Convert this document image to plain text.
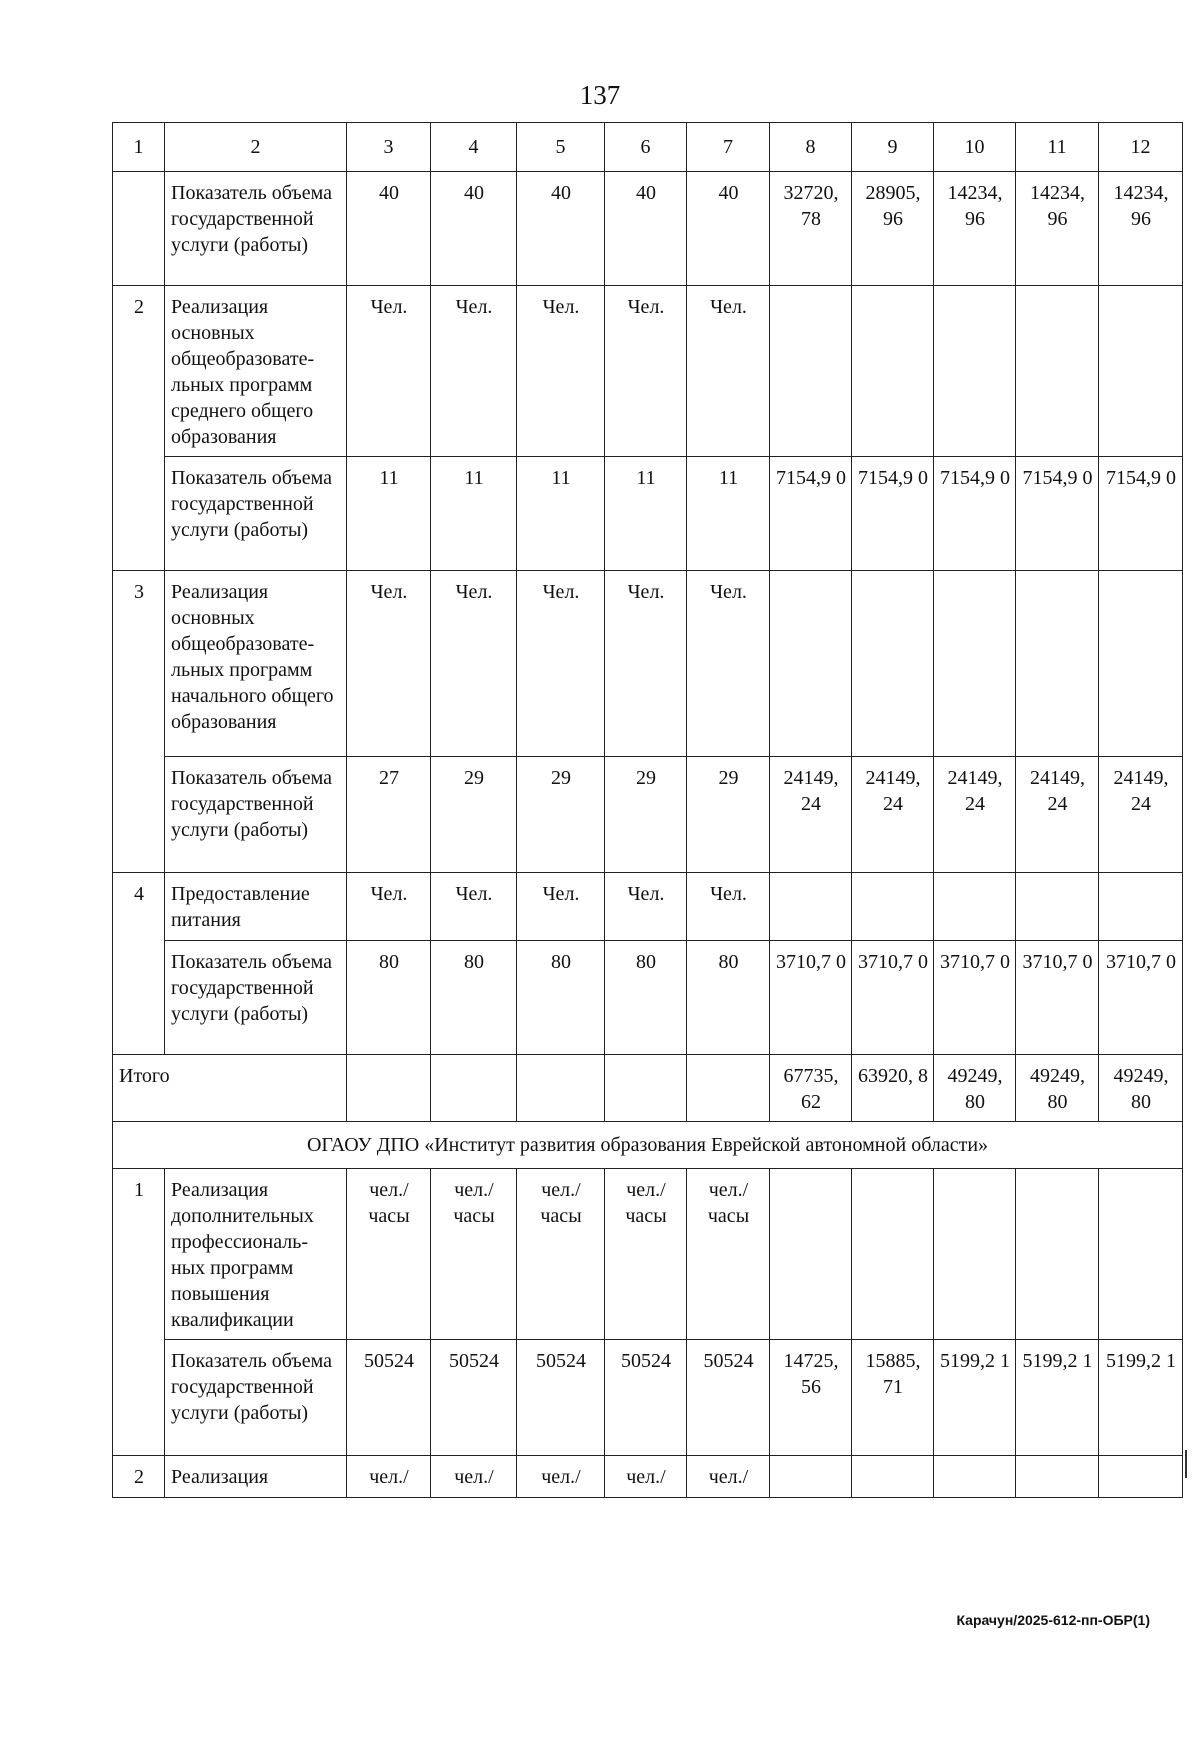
137
1	2	3	4	5	6	7	8	9	10	11	12
	Показатель объема государственной услуги (работы)	40	40	40	40	40	32720, 78	28905, 96	14234, 96	14234, 96	14234, 96
2	Реализация основных общеобразовате-льных программ среднего общего образования	Чел.	Чел.	Чел.	Чел.	Чел.					
	Показатель объема государственной услуги (работы)	11	11	11	11	11	7154,9 0	7154,9 0	7154,9 0	7154,9 0	7154,9 0
3	Реализация основных общеобразовате-льных программ начального общего образования	Чел.	Чел.	Чел.	Чел.	Чел.					
	Показатель объема государственной услуги (работы)	27	29	29	29	29	24149, 24	24149, 24	24149, 24	24149, 24	24149, 24
4	Предоставление питания	Чел.	Чел.	Чел.	Чел.	Чел.					
	Показатель объема государственной услуги (работы)	80	80	80	80	80	3710,7 0	3710,7 0	3710,7 0	3710,7 0	3710,7 0
Итого							67735, 62	63920, 8	49249, 80	49249, 80	49249, 80
ОГАОУ ДПО «Институт развития образования Еврейской автономной области»											
1	Реализация дополнительных профессиональ-ных программ повышения квалификации	чел./ часы	чел./ часы	чел./ часы	чел./ часы	чел./ часы					
	Показатель объема государственной услуги (работы)	50524	50524	50524	50524	50524	14725, 56	15885, 71	5199,2 1	5199,2 1	5199,2 1
2	Реализация	чел./	чел./	чел./	чел./	чел./					
Карачун/2025-612-пп-ОБР(1)
